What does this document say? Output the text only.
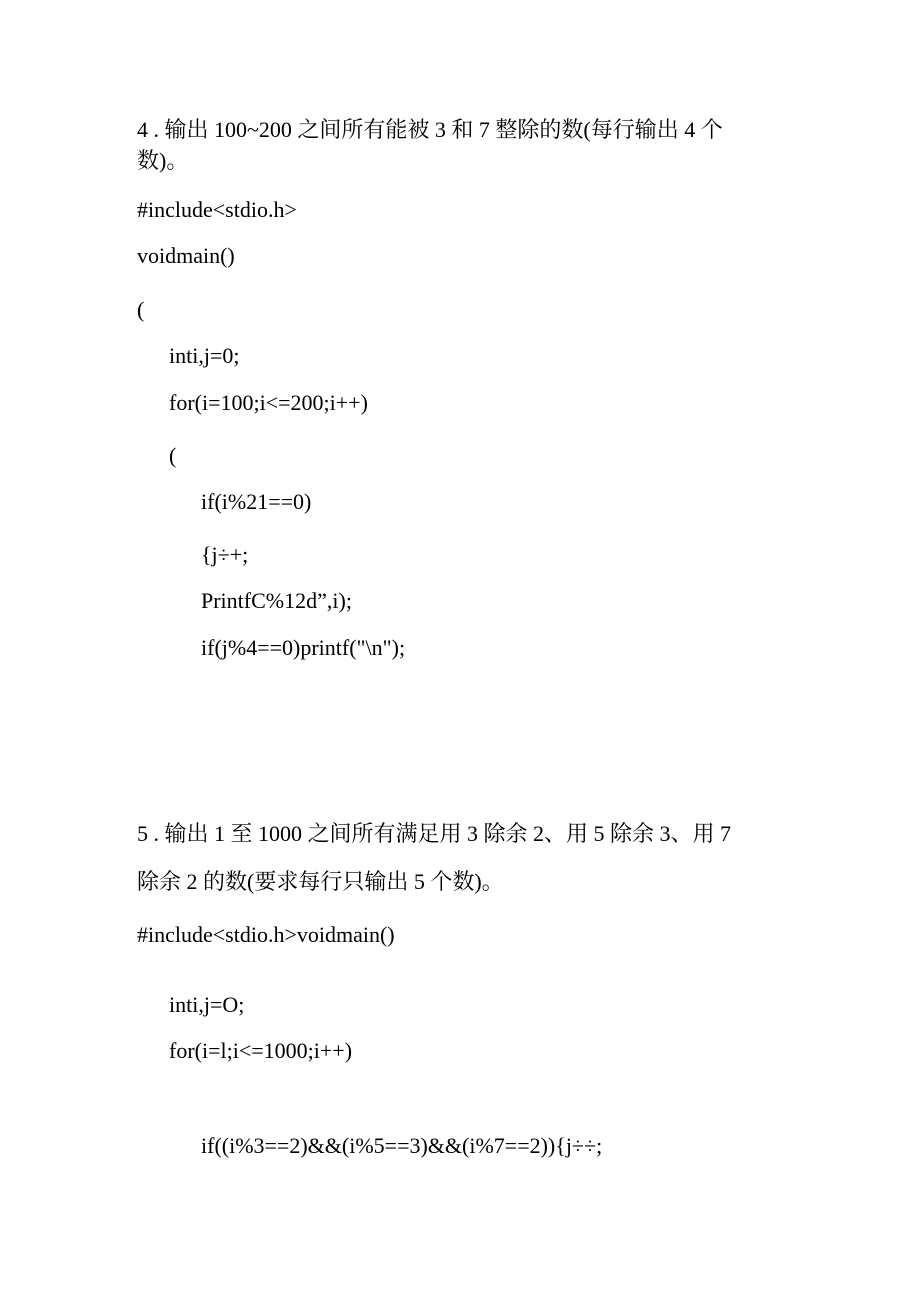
4 . 输出 100~200 之间所有能被 3 和 7 整除的数(每行输出 4 个
数)。
#include<stdio.h>
voidmain()
(
inti,j=0;
for(i=100;i<=200;i++)
(
if(i%21==0)
{j÷+;
PrintfC%12d”,i);
if(j%4==0)printf("\n");
5 . 输出 1 至 1000 之间所有满足用 3 除余 2、用 5 除余 3、用 7
除余 2 的数(要求每行只输出 5 个数)。
#include<stdio.h>voidmain()
inti,j=O;
for(i=l;i<=1000;i++)
if((i%3==2)&&(i%5==3)&&(i%7==2)){j÷÷;
